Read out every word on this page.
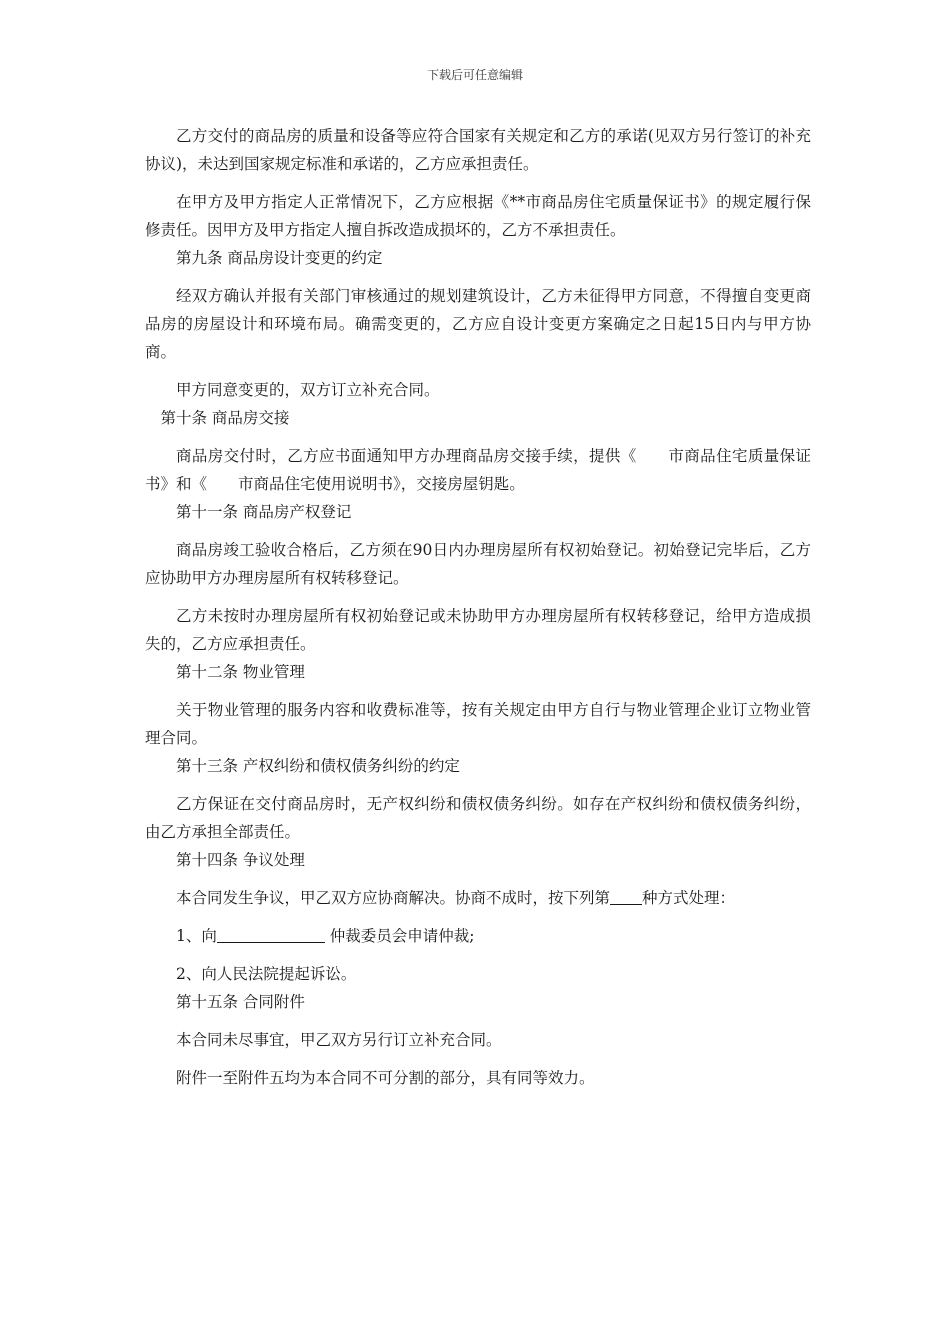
下载后可任意编辑

乙方交付的商品房的质量和设备等应符合国家有关规定和乙方的承诺(见双方另行签订的补充协议)，未达到国家规定标准和承诺的，乙方应承担责任。

在甲方及甲方指定人正常情况下，乙方应根据《**市商品房住宅质量保证书》的规定履行保修责任。因甲方及甲方指定人擅自拆改造成损坏的，乙方不承担责任。

第九条 商品房设计变更的约定

经双方确认并报有关部门审核通过的规划建筑设计，乙方未征得甲方同意，不得擅自变更商品房的房屋设计和环境布局。确需变更的，乙方应自设计变更方案确定之日起15日内与甲方协商。

甲方同意变更的，双方订立补充合同。

第十条 商品房交接

商品房交付时，乙方应书面通知甲方办理商品房交接手续，提供《　　市商品住宅质量保证书》和《　　市商品住宅使用说明书》，交接房屋钥匙。

第十一条 商品房产权登记

商品房竣工验收合格后，乙方须在90日内办理房屋所有权初始登记。初始登记完毕后，乙方应协助甲方办理房屋所有权转移登记。

乙方未按时办理房屋所有权初始登记或未协助甲方办理房屋所有权转移登记，给甲方造成损失的，乙方应承担责任。

第十二条 物业管理

关于物业管理的服务内容和收费标准等，按有关规定由甲方自行与物业管理企业订立物业管理合同。

第十三条 产权纠纷和债权债务纠纷的约定

乙方保证在交付商品房时，无产权纠纷和债权债务纠纷。如存在产权纠纷和债权债务纠纷，由乙方承担全部责任。

第十四条 争议处理

本合同发生争议，甲乙双方应协商解决。协商不成时，按下列第 种方式处理：

1、向	仲裁委员会申请仲裁;

2、向人民法院提起诉讼。

第十五条 合同附件

本合同未尽事宜，甲乙双方另行订立补充合同。

附件一至附件五均为本合同不可分割的部分，具有同等效力。
